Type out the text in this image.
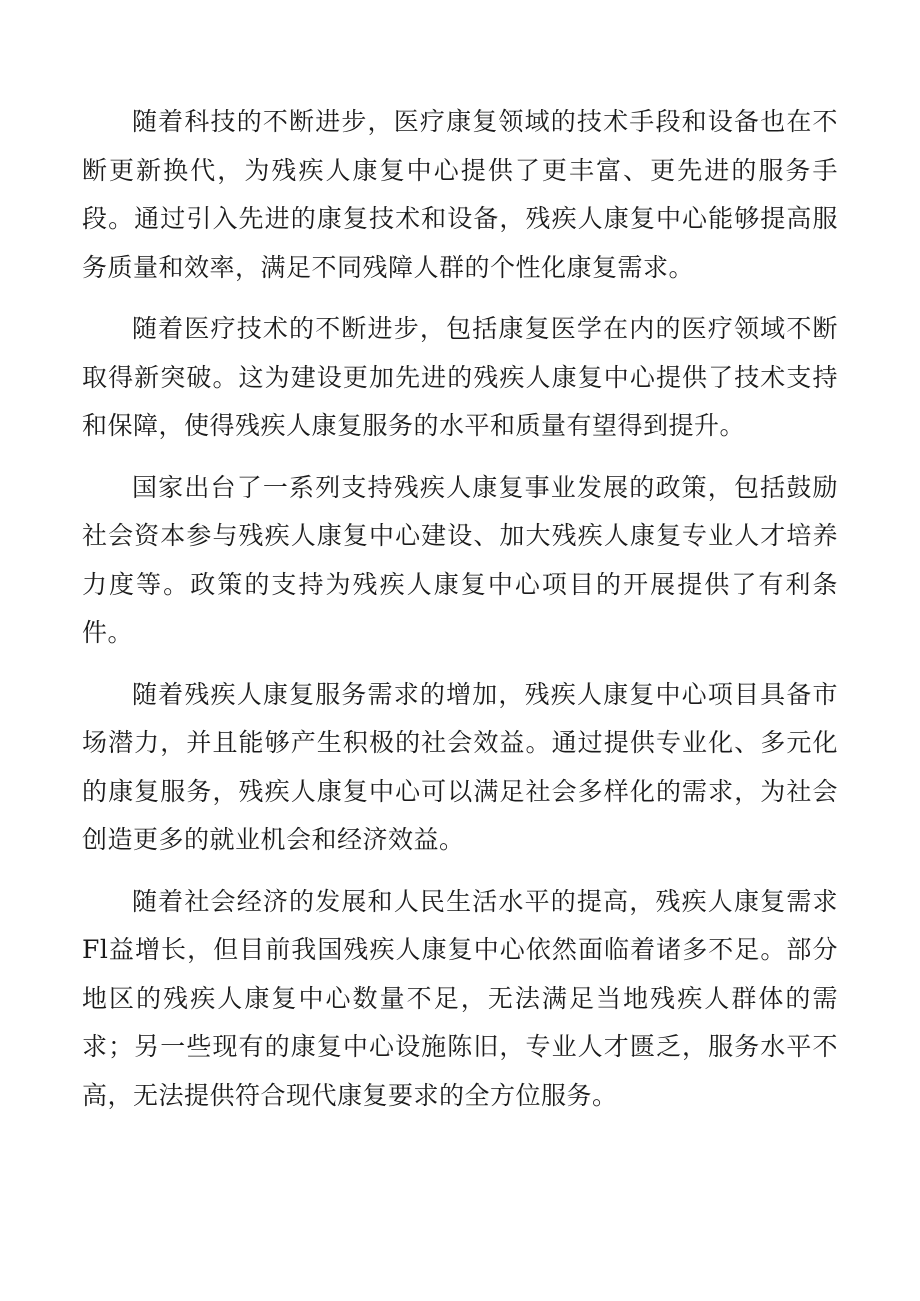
随着科技的不断进步，医疗康复领域的技术手段和设备也在不断更新换代，为残疾人康复中心提供了更丰富、更先进的服务手段。通过引入先进的康复技术和设备，残疾人康复中心能够提高服务质量和效率，满足不同残障人群的个性化康复需求。

随着医疗技术的不断进步，包括康复医学在内的医疗领域不断取得新突破。这为建设更加先进的残疾人康复中心提供了技术支持和保障，使得残疾人康复服务的水平和质量有望得到提升。

国家出台了一系列支持残疾人康复事业发展的政策，包括鼓励社会资本参与残疾人康复中心建设、加大残疾人康复专业人才培养力度等。政策的支持为残疾人康复中心项目的开展提供了有利条件。

随着残疾人康复服务需求的增加，残疾人康复中心项目具备市场潜力，并且能够产生积极的社会效益。通过提供专业化、多元化的康复服务，残疾人康复中心可以满足社会多样化的需求，为社会创造更多的就业机会和经济效益。

随着社会经济的发展和人民生活水平的提高，残疾人康复需求Fl益增长，但目前我国残疾人康复中心依然面临着诸多不足。部分地区的残疾人康复中心数量不足，无法满足当地残疾人群体的需求；另一些现有的康复中心设施陈旧，专业人才匮乏，服务水平不高，无法提供符合现代康复要求的全方位服务。
